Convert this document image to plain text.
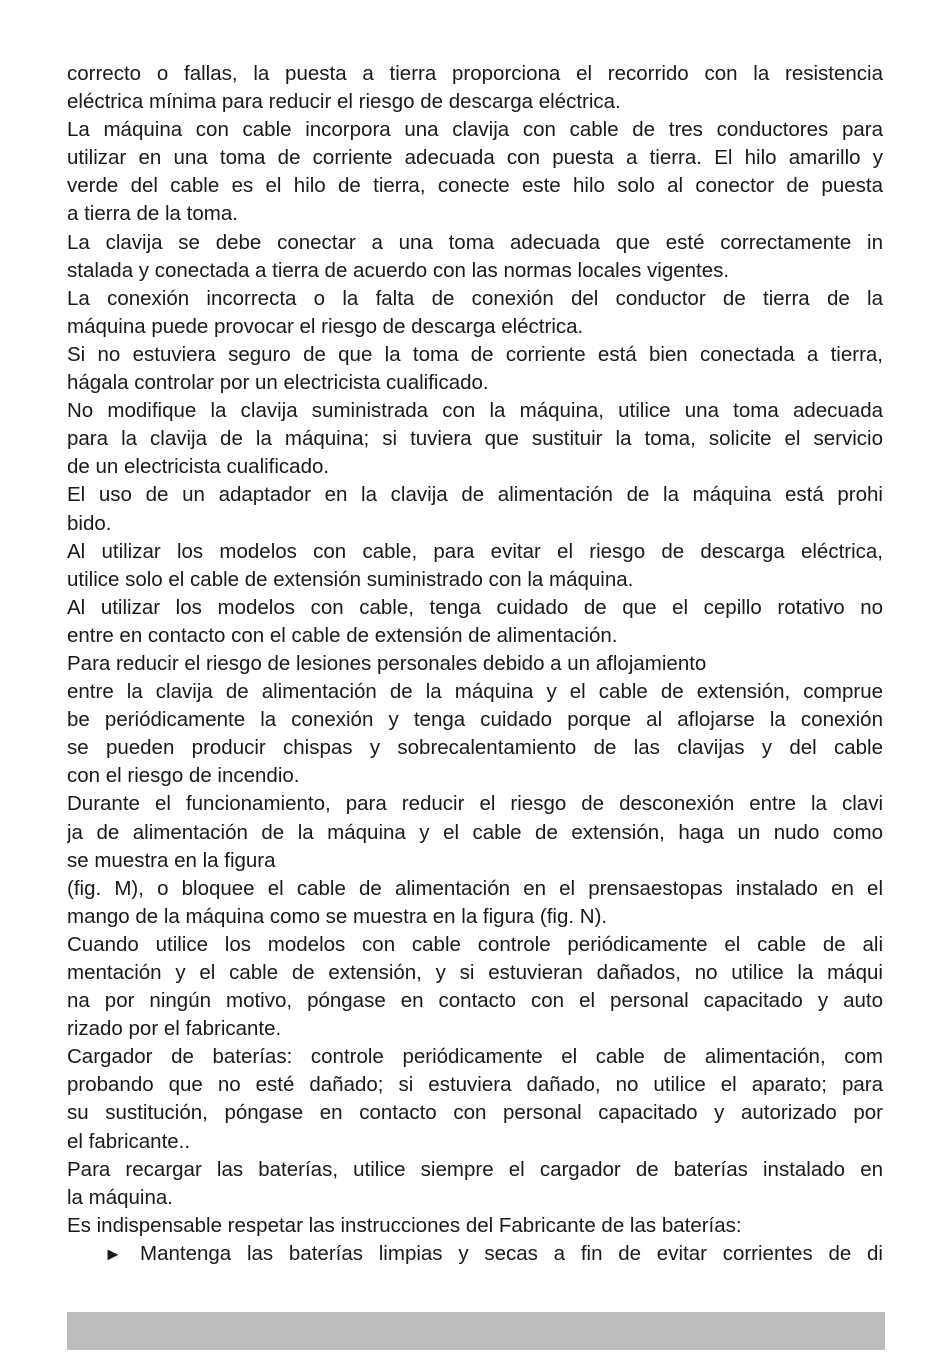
correcto o fallas, la puesta a tierra proporciona el recorrido con la resistencia
eléctrica mínima para reducir el riesgo de descarga eléctrica.
La máquina con cable incorpora una clavija con cable de tres conductores para
utilizar en una toma de corriente adecuada con puesta a tierra. El hilo amarillo y
verde del cable es el hilo de tierra, conecte este hilo solo al conector de puesta
a tierra de la toma.
La clavija se debe conectar a una toma adecuada que esté correctamente in
stalada y conectada a tierra de acuerdo con las normas locales vigentes.
La conexión incorrecta o la falta de conexión del conductor de tierra de la
máquina puede provocar el riesgo de descarga eléctrica.
Si no estuviera seguro de que la toma de corriente está bien conectada a tierra,
hágala controlar por un electricista cualificado.
No modifique la clavija suministrada con la máquina, utilice una toma adecuada
para la clavija de la máquina; si tuviera que sustituir la toma, solicite el servicio
de un electricista cualificado.
El uso de un adaptador en la clavija de alimentación de la máquina está prohi
bido.
Al utilizar los modelos con cable, para evitar el riesgo de descarga eléctrica,
utilice solo el cable de extensión suministrado con la máquina.
Al utilizar los modelos con cable, tenga cuidado de que el cepillo rotativo no
entre en contacto con el cable de extensión de alimentación.
Para reducir el riesgo de lesiones personales debido a un aflojamiento
entre la clavija de alimentación de la máquina y el cable de extensión, comprue
be periódicamente la conexión y tenga cuidado porque al aflojarse la conexión
se pueden producir chispas y sobrecalentamiento de las clavijas y del cable
con el riesgo de incendio.
Durante el funcionamiento, para reducir el riesgo de desconexión entre la clavi
ja de alimentación de la máquina y el cable de extensión, haga un nudo como
se muestra en la figura
(fig. M), o bloquee el cable de alimentación en el prensaestopas instalado en el
mango de la máquina como se muestra en la figura (fig. N).
Cuando utilice los modelos con cable controle periódicamente el cable de ali
mentación y el cable de extensión, y si estuvieran dañados, no utilice la máqui
na por ningún motivo, póngase en contacto con el personal capacitado y auto
rizado por el fabricante.
Cargador de baterías: controle periódicamente el cable de alimentación, com
probando que no esté dañado; si estuviera dañado, no utilice el aparato; para
su sustitución, póngase en contacto con personal capacitado y autorizado por
el fabricante..
Para recargar las baterías, utilice siempre el cargador de baterías instalado en
la máquina.
Es indispensable respetar las instrucciones del Fabricante de las baterías:
► Mantenga las baterías limpias y secas a fin de evitar corrientes de di
